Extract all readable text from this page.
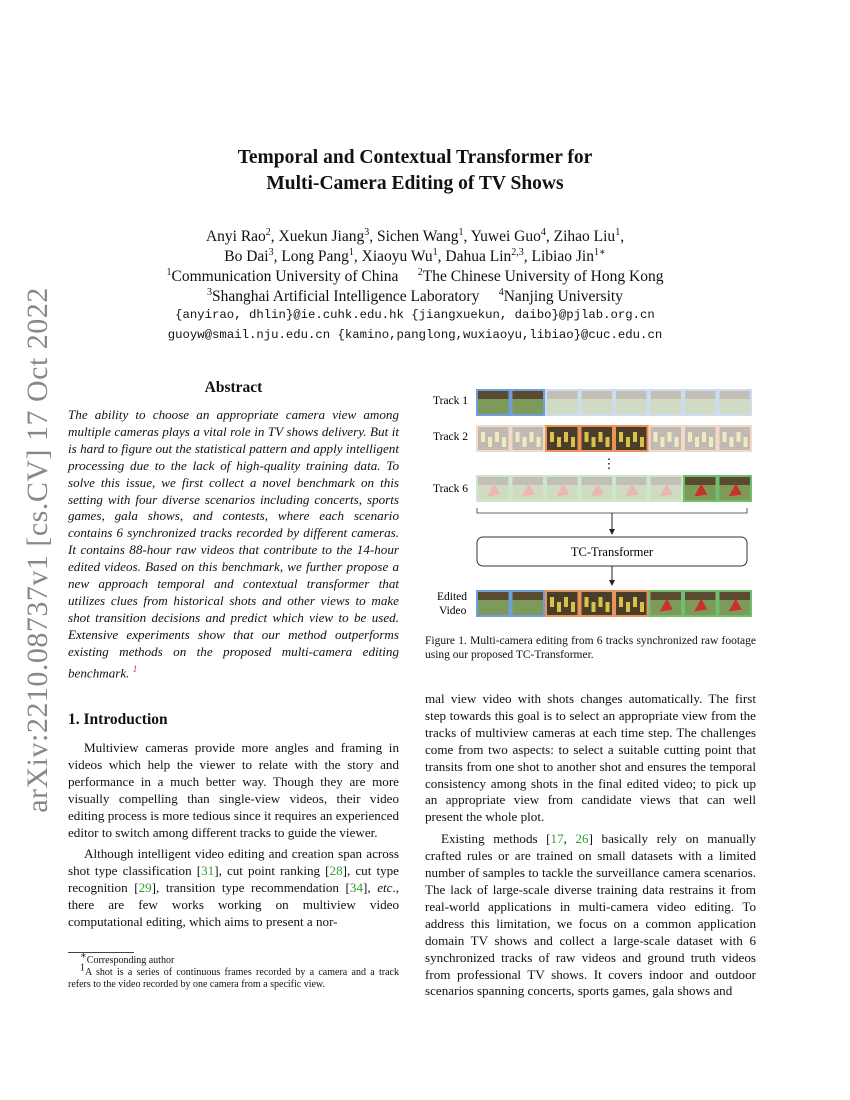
arXiv:2210.08737v1 [cs.CV] 17 Oct 2022
Temporal and Contextual Transformer for
Multi-Camera Editing of TV Shows
Anyi Rao$^2$, Xuekun Jiang$^3$, Sichen Wang$^1$, Yuwei Guo$^4$, Zihao Liu$^1$,
Bo Dai$^3$, Long Pang$^1$, Xiaoyu Wu$^1$, Dahua Lin$^{2,3}$, Libiao Jin$^{1∗}$
$^1$Communication University of China $^2$The Chinese University of Hong Kong
$^3$Shanghai Artificial Intelligence Laboratory $^4$Nanjing University
{anyirao, dhlin}@ie.cuhk.edu.hk {jiangxuekun, daibo}@pjlab.org.cn
guoyw@smail.nju.edu.cn {kamino,panglong,wuxiaoyu,libiao}@cuc.edu.cn
Abstract

The ability to choose an appropriate camera view among multiple cameras plays a vital role in TV shows delivery. But it is hard to figure out the statistical pattern and apply intelligent processing due to the lack of high-quality training data. To solve this issue, we first collect a novel benchmark on this setting with four diverse scenarios including concerts, sports games, gala shows, and contests, where each scenario contains 6 synchronized tracks recorded by different cameras. It contains 88-hour raw videos that contribute to the 14-hour edited videos. Based on this benchmark, we further propose a new approach temporal and contextual transformer that utilizes clues from historical shots and other views to make shot transition decisions and predict which view to be used. Extensive experiments show that our method outperforms existing methods on the proposed multi-camera editing benchmark. $^1$

1. Introduction

Multiview cameras provide more angles and framing in videos which help the viewer to relate with the story and performance in a much better way. Though they are more visually compelling than single-view videos, their video editing process is more tedious since it requires an experienced editor to switch among different tracks to guide the viewer.

Although intelligent video editing and creation span across shot type classification [31], cut point ranking [28], cut type recognition [29], transition type recommendation [34], etc., there are few works working on multiview video computational editing, which aims to present a nor-

∗Corresponding author

$^1$A shot is a series of continuous frames recorded by a camera and a track refers to the video recorded by one camera from a specific view.

mal view video with shots changes automatically. The first step towards this goal is to select an appropriate view from the tracks of multiview cameras at each time step. The challenges come from two aspects: to select a suitable cutting point that transits from one shot to another shot and ensures the temporal consistency among shots in the final edited video; to pick up an appropriate view from candidate views that can well present the whole plot.

Existing methods [17, 26] basically rely on manually crafted rules or are trained on small datasets with a limited number of samples to tackle the surveillance camera scenarios. The lack of large-scale diverse training data restrains it from real-world applications in multi-camera video editing. To address this limitation, we focus on a common application domain TV shows and collect a large-scale dataset with 6 synchronized tracks of raw videos and ground truth videos from professional TV shows. It covers indoor and outdoor scenarios spanning concerts, sports games, gala shows and

Track 1
Track 2
Track 6
⋮
TC-Transformer
Edited
Video
Figure 1. Multi-camera editing from 6 tracks synchronized raw footage using our proposed TC-Transformer.
